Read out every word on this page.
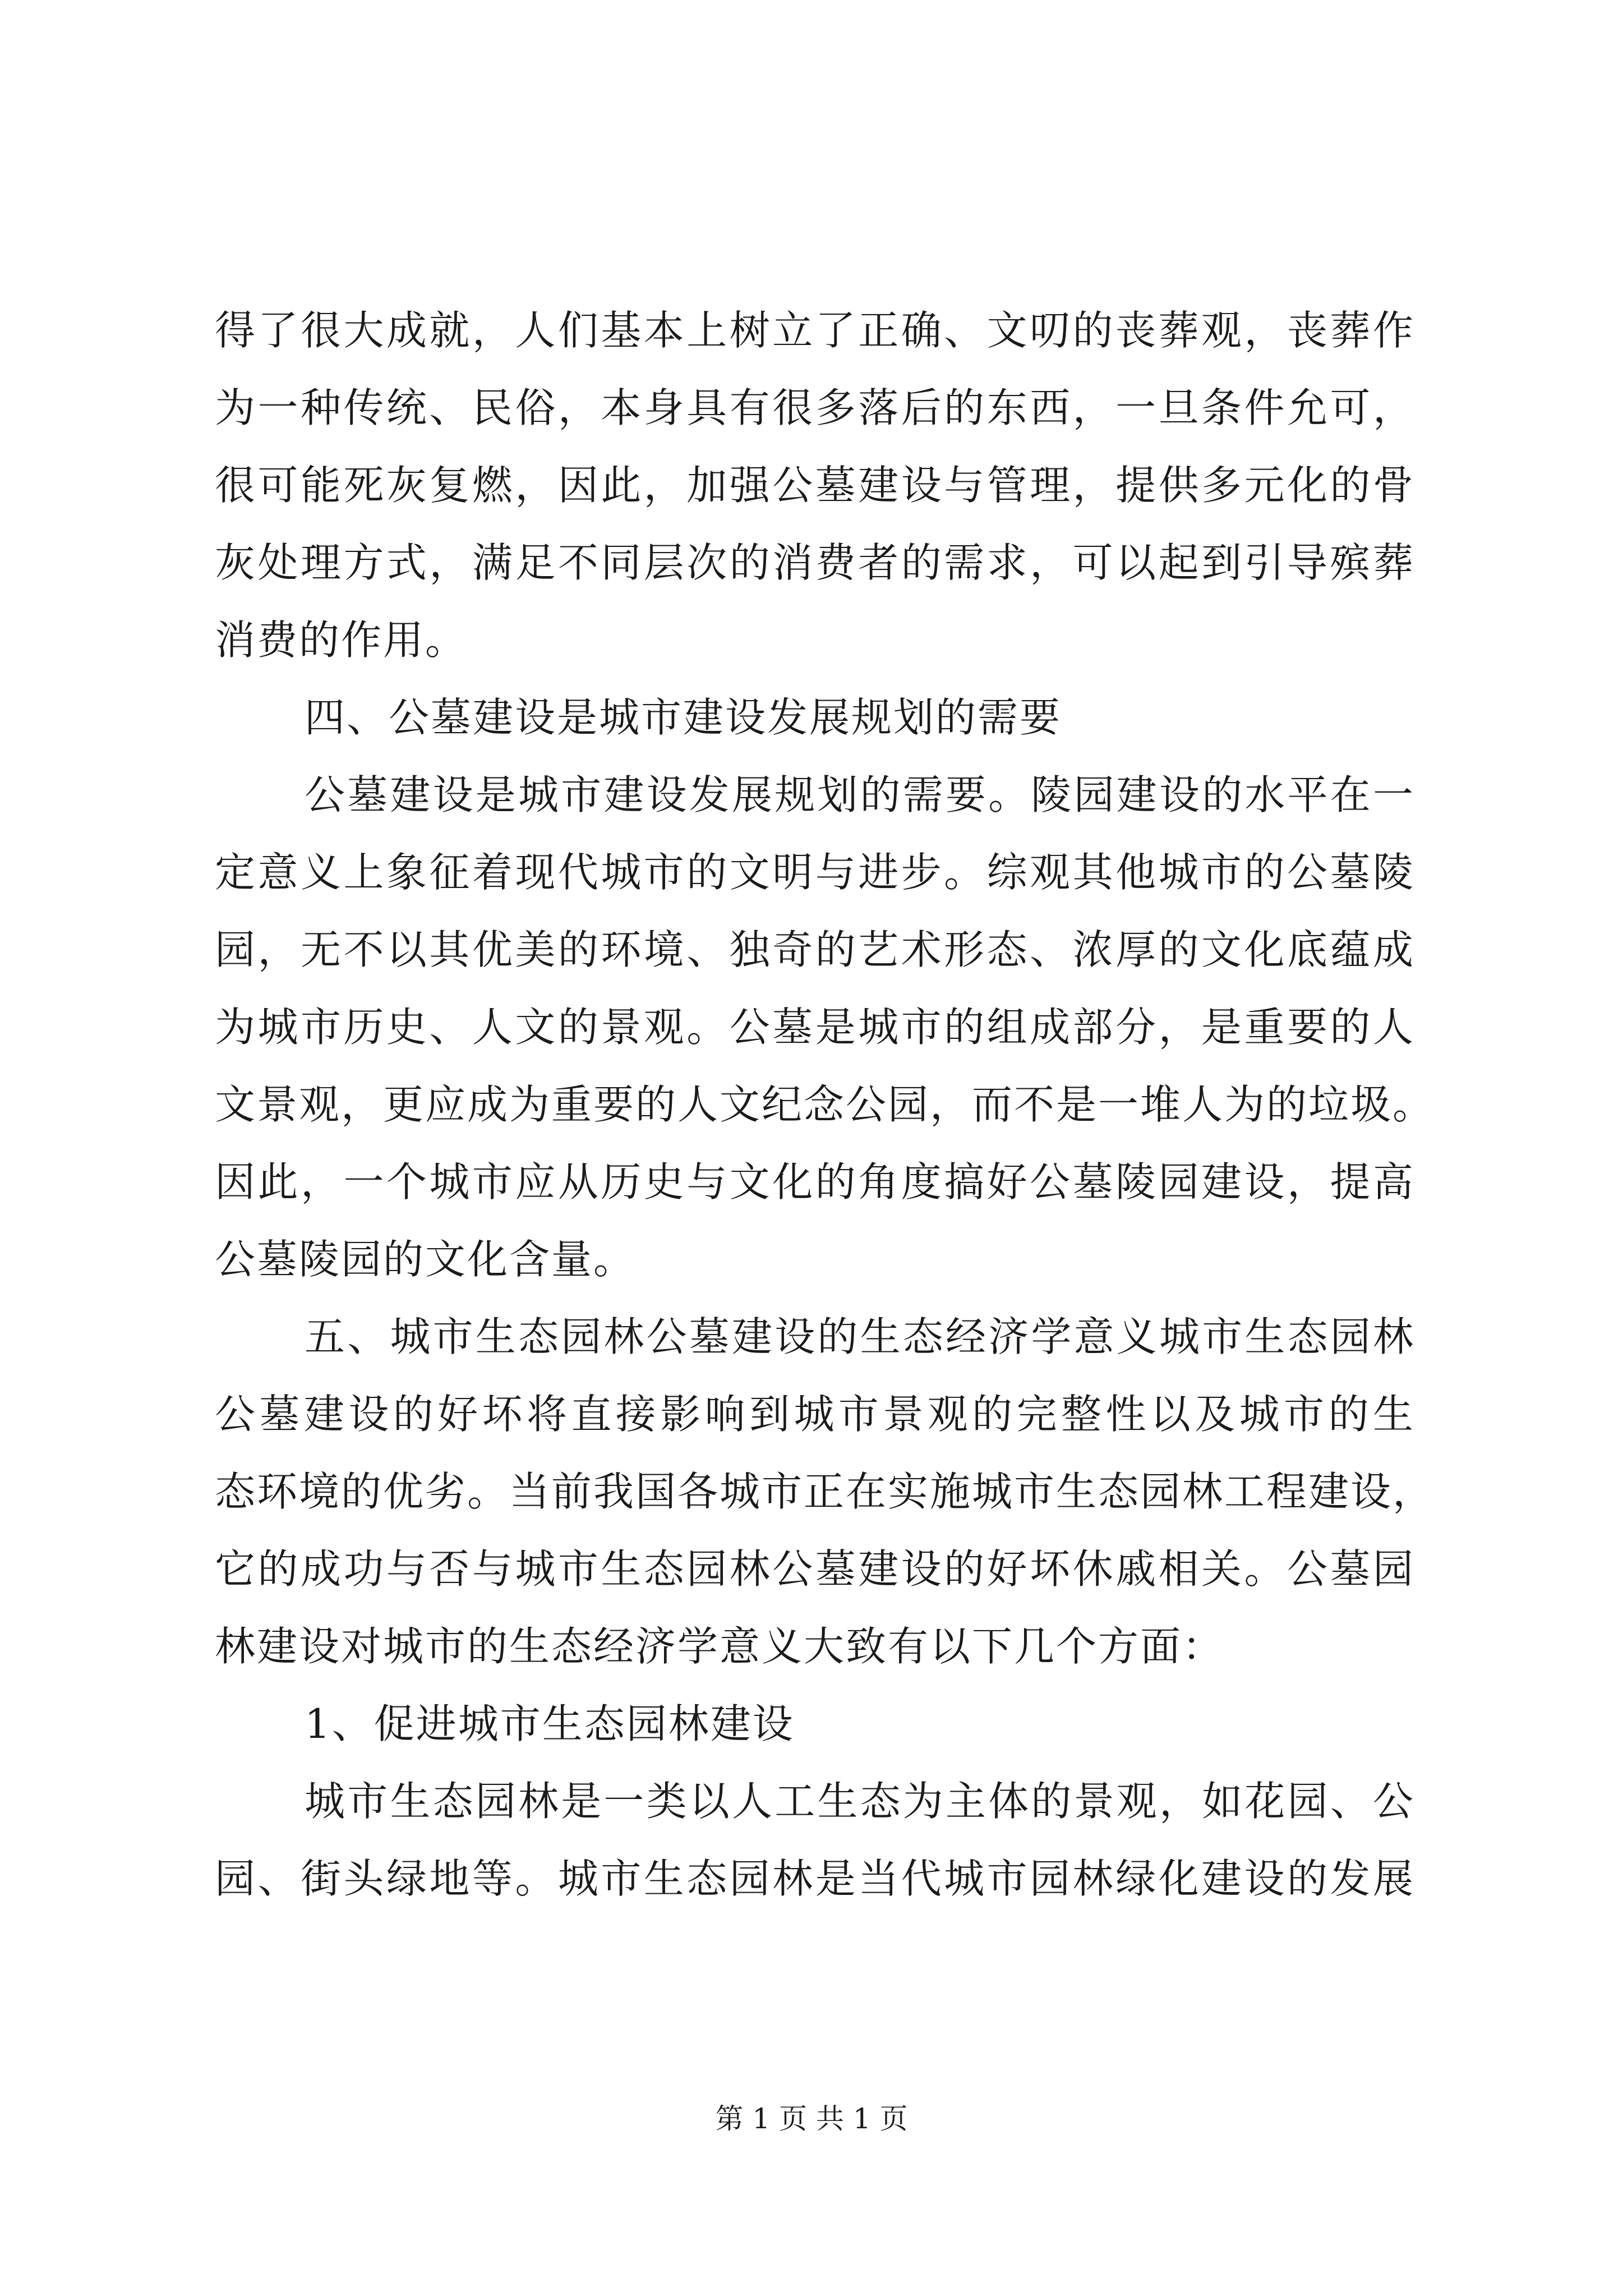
得了很大成就，人们基本上树立了正确、文叨的丧葬观，丧葬作
为一种传统、民俗，本身具有很多落后的东西，一旦条件允可，
很可能死灰复燃，因此，加强公墓建设与管理，提供多元化的骨
灰处理方式，满足不同层次的消费者的需求，可以起到引导殡葬
消费的作用。
四、公墓建设是城市建设发展规划的需要
公墓建设是城市建设发展规划的需要。陵园建设的水平在一
定意义上象征着现代城市的文明与进步。综观其他城市的公墓陵
园，无不以其优美的环境、独奇的艺术形态、浓厚的文化底蕴成
为城市历史、人文的景观。公墓是城市的组成部分，是重要的人
文景观，更应成为重要的人文纪念公园，而不是一堆人为的垃圾。
因此，一个城市应从历史与文化的角度搞好公墓陵园建设，提高
公墓陵园的文化含量。
五、城市生态园林公墓建设的生态经济学意义城市生态园林
公墓建设的好坏将直接影响到城市景观的完整性以及城市的生
态环境的优劣。当前我国各城市正在实施城市生态园林工程建设，
它的成功与否与城市生态园林公墓建设的好坏休戚相关。公墓园
林建设对城市的生态经济学意义大致有以下几个方面：
1、促进城市生态园林建设
城市生态园林是一类以人工生态为主体的景观，如花园、公
园、街头绿地等。城市生态园林是当代城市园林绿化建设的发展
第 1 页 共 1 页
